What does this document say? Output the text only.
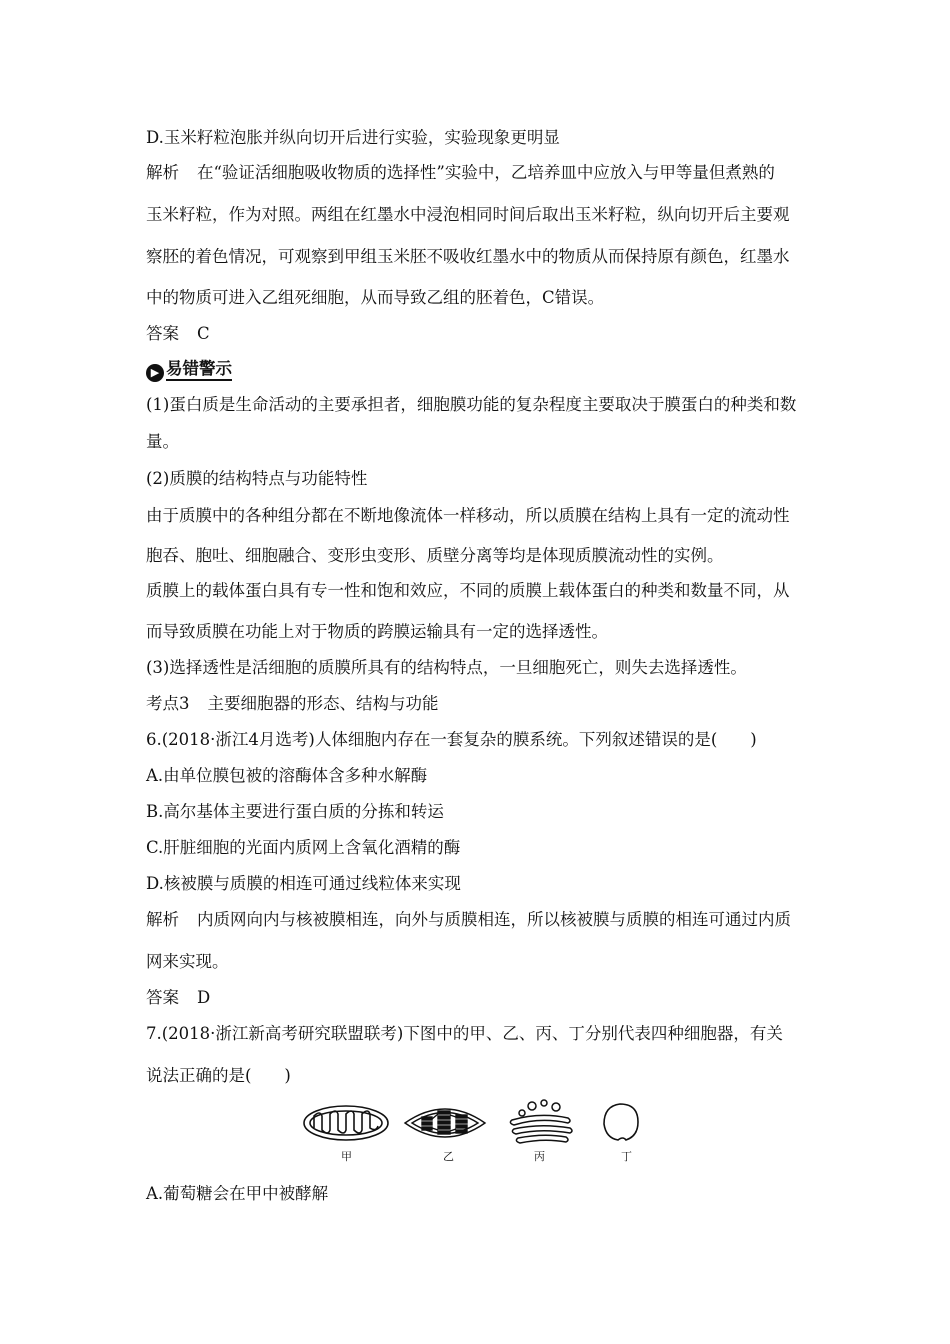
D.玉米籽粒泡胀并纵向切开后进行实验，实验现象更明显
解析 在“验证活细胞吸收物质的选择性”实验中，乙培养皿中应放入与甲等量但煮熟的
玉米籽粒，作为对照。两组在红墨水中浸泡相同时间后取出玉米籽粒，纵向切开后主要观
察胚的着色情况，可观察到甲组玉米胚不吸收红墨水中的物质从而保持原有颜色，红墨水
中的物质可进入乙组死细胞，从而导致乙组的胚着色，C错误。
答案 C
▶ 易错警示
(1)蛋白质是生命活动的主要承担者，细胞膜功能的复杂程度主要取决于膜蛋白的种类和数
量。
(2)质膜的结构特点与功能特性
由于质膜中的各种组分都在不断地像流体一样移动，所以质膜在结构上具有一定的流动性
胞吞、胞吐、细胞融合、变形虫变形、质壁分离等均是体现质膜流动性的实例。
质膜上的载体蛋白具有专一性和饱和效应，不同的质膜上载体蛋白的种类和数量不同，从
而导致质膜在功能上对于物质的跨膜运输具有一定的选择透性。
(3)选择透性是活细胞的质膜所具有的结构特点，一旦细胞死亡，则失去选择透性。
考点3 主要细胞器的形态、结构与功能
6.(2018·浙江4月选考)人体细胞内存在一套复杂的膜系统。下列叙述错误的是(　　)
A.由单位膜包被的溶酶体含多种水解酶
B.高尔基体主要进行蛋白质的分拣和转运
C.肝脏细胞的光面内质网上含氧化酒精的酶
D.核被膜与质膜的相连可通过线粒体来实现
解析 内质网向内与核被膜相连，向外与质膜相连，所以核被膜与质膜的相连可通过内质
网来实现。
答案 D
7.(2018·浙江新高考研究联盟联考)下图中的甲、乙、丙、丁分别代表四种细胞器，有关
说法正确的是(　　)
甲	乙	丙	丁
A.葡萄糖会在甲中被酵解
